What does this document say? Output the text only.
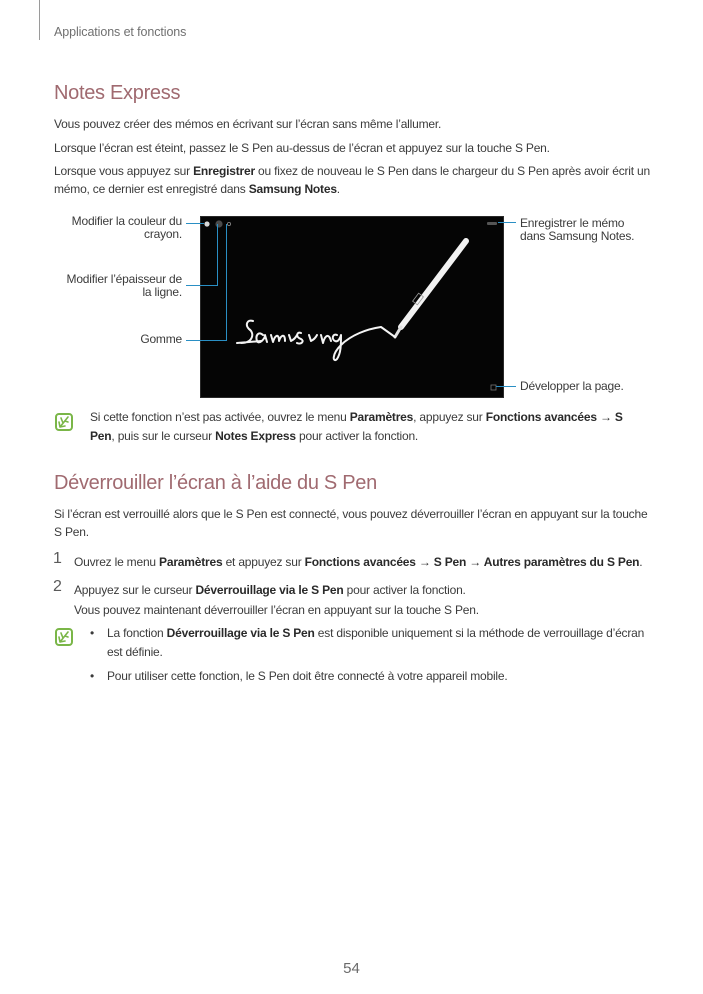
Applications et fonctions
Notes Express
Vous pouvez créer des mémos en écrivant sur l’écran sans même l’allumer.
Lorsque l’écran est éteint, passez le S Pen au-dessus de l’écran et appuyez sur la touche S Pen.
Lorsque vous appuyez sur Enregistrer ou fixez de nouveau le S Pen dans le chargeur du S Pen après avoir écrit un mémo, ce dernier est enregistré dans Samsung Notes.
Modifier la couleur du crayon.
Modifier l’épaisseur de la ligne.
Gomme
Enregistrer le mémo dans Samsung Notes.
Développer la page.
Si cette fonction n’est pas activée, ouvrez le menu Paramètres, appuyez sur Fonctions avancées → S Pen, puis sur le curseur Notes Express pour activer la fonction.
Déverrouiller l’écran à l’aide du S Pen
Si l’écran est verrouillé alors que le S Pen est connecté, vous pouvez déverrouiller l’écran en appuyant sur la touche S Pen.
1 Ouvrez le menu Paramètres et appuyez sur Fonctions avancées → S Pen → Autres paramètres du S Pen.
2 Appuyez sur le curseur Déverrouillage via le S Pen pour activer la fonction.
Vous pouvez maintenant déverrouiller l’écran en appuyant sur la touche S Pen.
• La fonction Déverrouillage via le S Pen est disponible uniquement si la méthode de verrouillage d’écran est définie.
• Pour utiliser cette fonction, le S Pen doit être connecté à votre appareil mobile.
54
